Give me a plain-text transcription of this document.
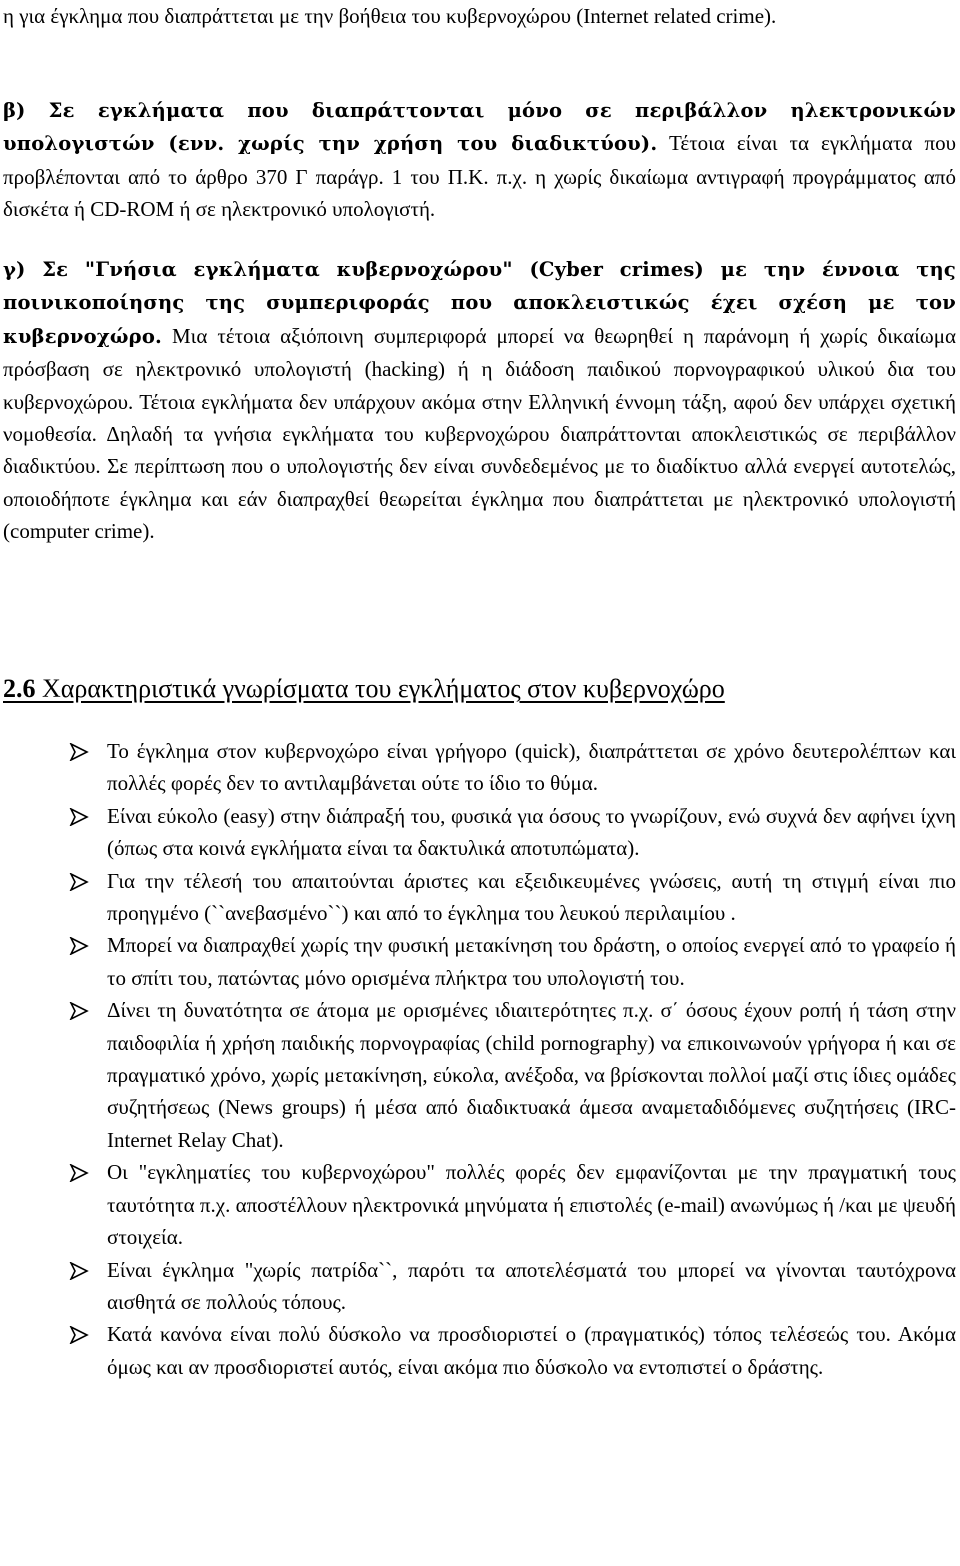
η για έγκλημα που διαπράττεται με την βοήθεια του κυβερνοχώρου (Internet related crime).

β) Σε εγκλήματα που διαπράττονται μόνο σε περιβάλλον ηλεκτρονικών υπολογιστών (ενν. χωρίς την χρήση του διαδικτύου). Τέτοια είναι τα εγκλήματα που προβλέπονται από το άρθρο 370 Γ παράγρ. 1 του Π.Κ. π.χ. η χωρίς δικαίωμα αντιγραφή προγράμματος από δισκέτα ή CD-ROM ή σε ηλεκτρονικό υπολογιστή.

γ) Σε "Γνήσια εγκλήματα κυβερνοχώρου" (Cyber crimes) με την έννοια της ποινικοποίησης της συμπεριφοράς που αποκλειστικώς έχει σχέση με τον κυβερνοχώρο. Μια τέτοια αξιόποινη συμπεριφορά μπορεί να θεωρηθεί η παράνομη ή χωρίς δικαίωμα πρόσβαση σε ηλεκτρονικό υπολογιστή (hacking) ή η διάδοση παιδικού πορνογραφικού υλικού δια του κυβερνοχώρου. Τέτοια εγκλήματα δεν υπάρχουν ακόμα στην Ελληνική έννομη τάξη, αφού δεν υπάρχει σχετική νομοθεσία. Δηλαδή τα γνήσια εγκλήματα του κυβερνοχώρου διαπράττονται αποκλειστικώς σε περιβάλλον διαδικτύου. Σε περίπτωση που ο υπολογιστής δεν είναι συνδεδεμένος με το διαδίκτυο αλλά ενεργεί αυτοτελώς, οποιοδήποτε έγκλημα και εάν διαπραχθεί θεωρείται έγκλημα που διαπράττεται με ηλεκτρονικό υπολογιστή (computer crime).

2.6 Χαρακτηριστικά γνωρίσματα του εγκλήματος στον κυβερνοχώρο
Το έγκλημα στον κυβερνοχώρο είναι γρήγορο (quick), διαπράττεται σε χρόνο δευτερολέπτων και πολλές φορές δεν το αντιλαμβάνεται ούτε το ίδιο το θύμα.
Είναι εύκολο (easy) στην διάπραξή του, φυσικά για όσους το γνωρίζουν, ενώ συχνά δεν αφήνει ίχνη (όπως στα κοινά εγκλήματα είναι τα δακτυλικά αποτυπώματα).
Για την τέλεσή του απαιτούνται άριστες και εξειδικευμένες γνώσεις, αυτή τη στιγμή είναι πιο προηγμένο (``ανεβασμένο``) και από το έγκλημα του λευκού περιλαιμίου .
Μπορεί να διαπραχθεί χωρίς την φυσική μετακίνηση του δράστη, ο οποίος ενεργεί από το γραφείο ή το σπίτι του, πατώντας μόνο ορισμένα πλήκτρα του υπολογιστή του.
Δίνει τη δυνατότητα σε άτομα με ορισμένες ιδιαιτερότητες π.χ. σ΄ όσους έχουν ροπή ή τάση στην παιδοφιλία ή χρήση παιδικής πορνογραφίας (child pornography) να επικοινωνούν γρήγορα ή και σε πραγματικό χρόνο, χωρίς μετακίνηση, εύκολα, ανέξοδα, να βρίσκονται πολλοί μαζί στις ίδιες ομάδες συζητήσεως (News groups) ή μέσα από διαδικτυακά άμεσα αναμεταδιδόμενες συζητήσεις (IRC- Internet Relay Chat).
Οι "εγκληματίες του κυβερνοχώρου" πολλές φορές δεν εμφανίζονται με την πραγματική τους ταυτότητα π.χ. αποστέλλουν ηλεκτρονικά μηνύματα ή επιστολές (e-mail) ανωνύμως ή /και με ψευδή στοιχεία.
Είναι έγκλημα "χωρίς πατρίδα``, παρότι τα αποτελέσματά του μπορεί να γίνονται ταυτόχρονα αισθητά σε πολλούς τόπους.
Κατά κανόνα είναι πολύ δύσκολο να προσδιοριστεί ο (πραγματικός) τόπος τελέσεώς του. Ακόμα όμως και αν προσδιοριστεί αυτός, είναι ακόμα πιο δύσκολο να εντοπιστεί ο δράστης.
